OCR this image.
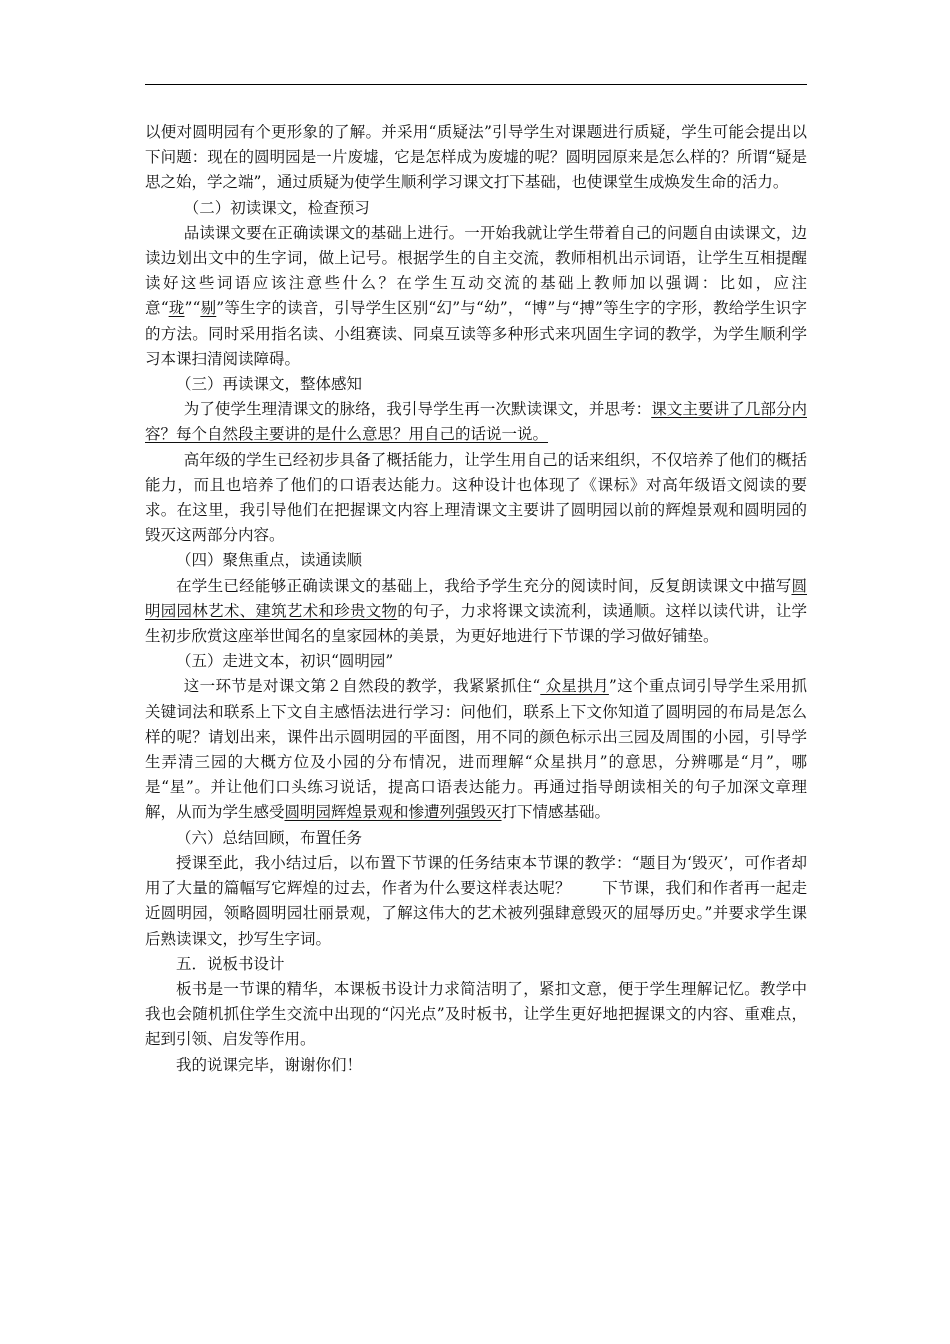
以便对圆明园有个更形象的了解。并采用“质疑法”引导学生对课题进行质疑，学生可能会提出以下问题：现在的圆明园是一片废墟，它是怎样成为废墟的呢？圆明园原来是怎么样的？所谓“疑是思之始，学之端”，通过质疑为使学生顺利学习课文打下基础，也使课堂生成焕发生命的活力。

（二）初读课文，检查预习

品读课文要在正确读课文的基础上进行。一开始我就让学生带着自己的问题自由读课文，边读边划出文中的生字词，做上记号。根据学生的自主交流，教师相机出示词语，让学生互相提醒读好这些词语应该注意些什么？在学生互动交流的基础上教师加以强调：比如，应注意“珑”“剔”等生字的读音，引导学生区别“幻”与“幼”，“博”与“搏”等生字的字形，教给学生识字的方法。同时采用指名读、小组赛读、同桌互读等多种形式来巩固生字词的教学，为学生顺利学习本课扫清阅读障碍。

（三）再读课文，整体感知

为了使学生理清课文的脉络，我引导学生再一次默读课文，并思考：课文主要讲了几部分内容？每个自然段主要讲的是什么意思？用自己的话说一说。

高年级的学生已经初步具备了概括能力，让学生用自己的话来组织，不仅培养了他们的概括能力，而且也培养了他们的口语表达能力。这种设计也体现了《课标》对高年级语文阅读的要求。在这里，我引导他们在把握课文内容上理清课文主要讲了圆明园以前的辉煌景观和圆明园的毁灭这两部分内容。

（四）聚焦重点，读通读顺

在学生已经能够正确读课文的基础上，我给予学生充分的阅读时间，反复朗读课文中描写圆明园园林艺术、建筑艺术和珍贵文物的句子，力求将课文读流利，读通顺。这样以读代讲，让学生初步欣赏这座举世闻名的皇家园林的美景，为更好地进行下节课的学习做好铺垫。

（五）走进文本，初识“圆明园”

这一环节是对课文第２自然段的教学，我紧紧抓住“ 众星拱月”这个重点词引导学生采用抓关键词法和联系上下文自主感悟法进行学习：问他们，联系上下文你知道了圆明园的布局是怎么样的呢？请划出来，课件出示圆明园的平面图，用不同的颜色标示出三园及周围的小园，引导学生弄清三园的大概方位及小园的分布情况，进而理解“众星拱月”的意思，分辨哪是“月”，哪是“星”。并让他们口头练习说话，提高口语表达能力。再通过指导朗读相关的句子加深文章理解，从而为学生感受圆明园辉煌景观和惨遭列强毁灭打下情感基础。

（六）总结回顾，布置任务

授课至此，我小结过后，以布置下节课的任务结束本节课的教学：“题目为‘毁灭’，可作者却用了大量的篇幅写它辉煌的过去，作者为什么要这样表达呢？　　下节课，我们和作者再一起走近圆明园，领略圆明园壮丽景观，了解这伟大的艺术被列强肆意毁灭的屈辱历史。”并要求学生课后熟读课文，抄写生字词。

五．说板书设计

板书是一节课的精华，本课板书设计力求简洁明了，紧扣文意，便于学生理解记忆。教学中我也会随机抓住学生交流中出现的“闪光点”及时板书，让学生更好地把握课文的内容、重难点，起到引领、启发等作用。

我的说课完毕，谢谢你们！
